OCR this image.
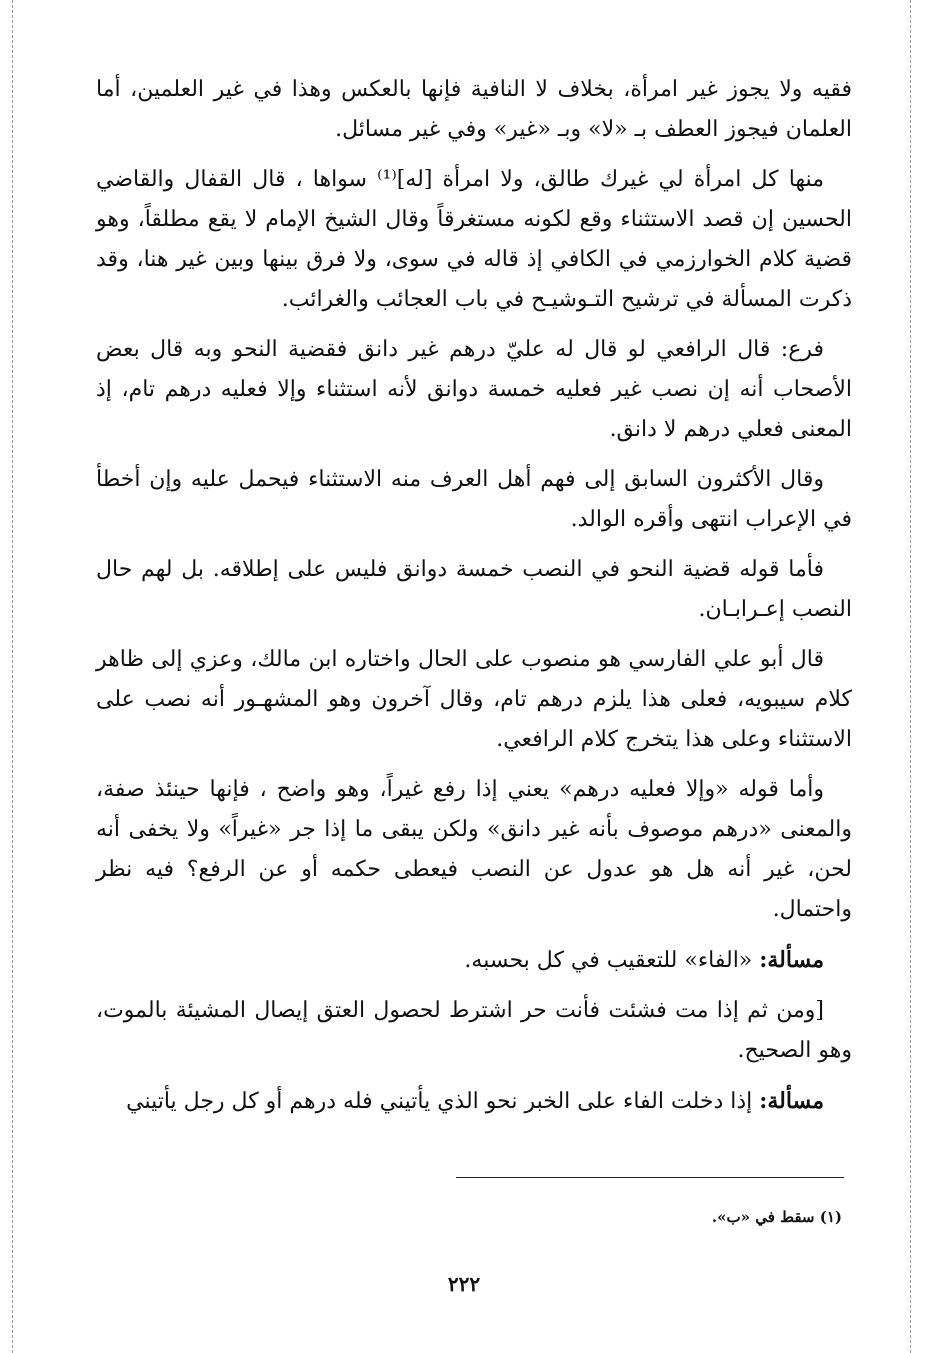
فقيه ولا يجوز غير امرأة، بخلاف لا النافية فإنها بالعكس وهذا في غير العلمين، أما العلمان فيجوز العطف بـ «لا» وبـ «غير» وفي غير مسائل.

منها كل امرأة لي غيرك طالق، ولا امرأة [له]⁽¹⁾ سواها ، قال القفال والقاضي الحسين إن قصد الاستثناء وقع لكونه مستغرقاً وقال الشيخ الإمام لا يقع مطلقاً، وهو قضية كلام الخوارزمي في الكافي إذ قاله في سوى، ولا فرق بينها وبين غير هنا، وقد ذكرت المسألة في ترشيح التـوشيـح في باب العجائب والغرائب.

فرع: قال الرافعي لو قال له عليّ درهم غير دانق فقضية النحو وبه قال بعض الأصحاب أنه إن نصب غير فعليه خمسة دوانق لأنه استثناء وإلا فعليه درهم تام، إذ المعنى فعلي درهم لا دانق.

وقال الأكثرون السابق إلى فهم أهل العرف منه الاستثناء فيحمل عليه وإن أخطأ في الإعراب انتهى وأقره الوالد.

فأما قوله قضية النحو في النصب خمسة دوانق فليس على إطلاقه. بل لهم حال النصب إعـرابـان.

قال أبو علي الفارسي هو منصوب على الحال واختاره ابن مالك، وعزي إلى ظاهر كلام سيبويه، فعلى هذا يلزم درهم تام، وقال آخرون وهو المشهـور أنه نصب على الاستثناء وعلى هذا يتخرج كلام الرافعي.

وأما قوله «وإلا فعليه درهم» يعني إذا رفع غيراً، وهو واضح ، فإنها حينئذ صفة، والمعنى «درهم موصوف بأنه غير دانق» ولكن يبقى ما إذا جر «غيراً» ولا يخفى أنه لحن، غير أنه هل هو عدول عن النصب فيعطى حكمه أو عن الرفع؟ فيه نظر واحتمال.

مسألة: «الفاء» للتعقيب في كل بحسبه.

[ومن ثم إذا مت فشئت فأنت حر اشترط لحصول العتق إيصال المشيئة بالموت، وهو الصحيح.

مسألة: إذا دخلت الفاء على الخبر نحو الذي يأتيني فله درهم أو كل رجل يأتيني

(١) سقط في «ب».
٢٢٢
